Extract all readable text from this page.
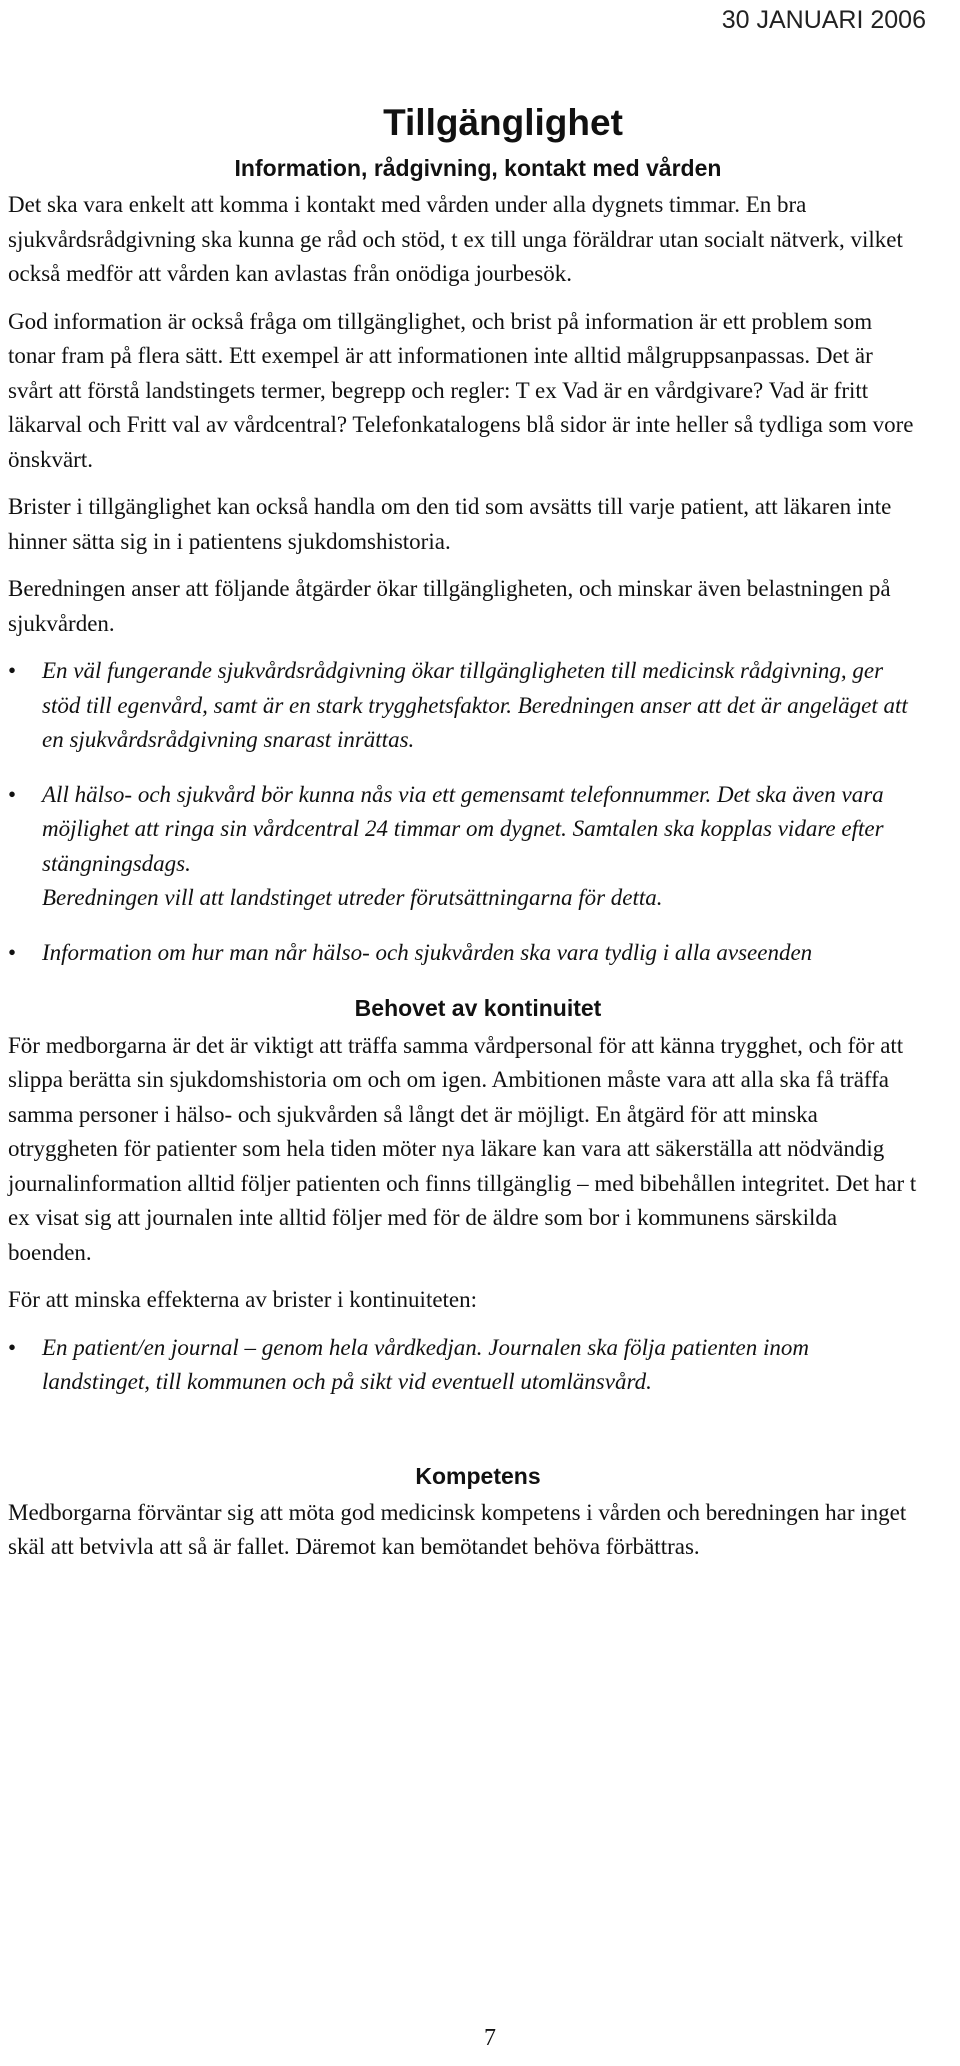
30 JANUARI 2006
Tillgänglighet
Information, rådgivning, kontakt med vården

Det ska vara enkelt att komma i kontakt med vården under alla dygnets timmar. En bra sjukvårdsrådgivning ska kunna ge råd och stöd, t ex till unga föräldrar utan socialt nätverk, vilket också medför att vården kan avlastas från onödiga jourbesök.

God information är också fråga om tillgänglighet, och brist på information är ett problem som tonar fram på flera sätt. Ett exempel är att informationen inte alltid målgruppsanpassas. Det är svårt att förstå landstingets termer, begrepp och regler: T ex Vad är en vårdgivare? Vad är fritt läkarval och Fritt val av vårdcentral? Telefonkatalogens blå sidor är inte heller så tydliga som vore önskvärt.

Brister i tillgänglighet kan också handla om den tid som avsätts till varje patient, att läkaren inte hinner sätta sig in i patientens sjukdomshistoria.

Beredningen anser att följande åtgärder ökar tillgängligheten, och minskar även belastningen på sjukvården.

• En väl fungerande sjukvårdsrådgivning ökar tillgängligheten till medicinsk rådgivning, ger stöd till egenvård, samt är en stark trygghetsfaktor. Beredningen anser att det är angeläget att en sjukvårdsrådgivning snarast inrättas.
• All hälso- och sjukvård bör kunna nås via ett gemensamt telefonnummer. Det ska även vara möjlighet att ringa sin vårdcentral 24 timmar om dygnet. Samtalen ska kopplas vidare efter stängningsdags.
Beredningen vill att landstinget utreder förutsättningarna för detta.
• Information om hur man når hälso- och sjukvården ska vara tydlig i alla avseenden
Behovet av kontinuitet

För medborgarna är det är viktigt att träffa samma vårdpersonal för att känna trygghet, och för att slippa berätta sin sjukdomshistoria om och om igen. Ambitionen måste vara att alla ska få träffa samma personer i hälso- och sjukvården så långt det är möjligt. En åtgärd för att minska otryggheten för patienter som hela tiden möter nya läkare kan vara att säkerställa att nödvändig journalinformation alltid följer patienten och finns tillgänglig – med bibehållen integritet. Det har t ex visat sig att journalen inte alltid följer med för de äldre som bor i kommunens särskilda boenden.

För att minska effekterna av brister i kontinuiteten:

• En patient/en journal – genom hela vårdkedjan. Journalen ska följa patienten inom landstinget, till kommunen och på sikt vid eventuell utomlänsvård.
Kompetens

Medborgarna förväntar sig att möta god medicinsk kompetens i vården och beredningen har inget skäl att betvivla att så är fallet. Däremot kan bemötandet behöva förbättras.

7
